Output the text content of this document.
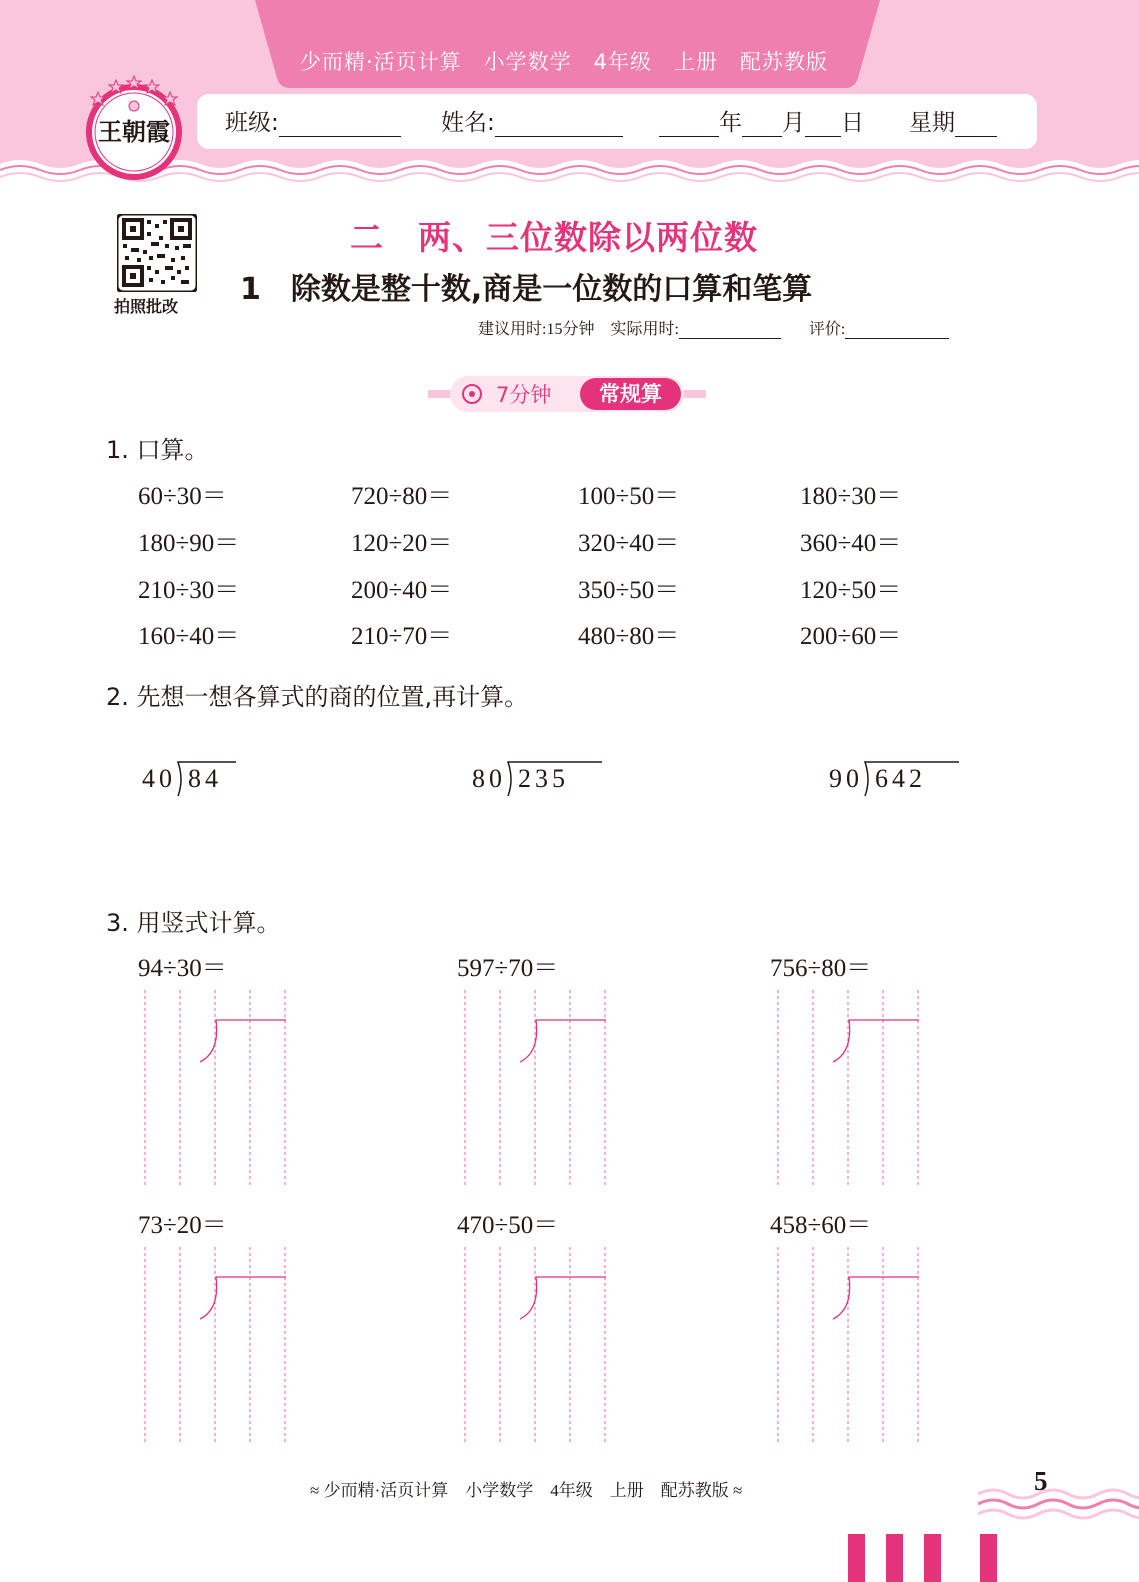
少而精·活页计算　小学数学　4年级　上册　配苏教版
班级:	姓名:	年 月 日 星期
王朝霞
拍照批改
二　两、三位数除以两位数
1　除数是整十数,商是一位数的口算和笔算
建议用时:15分钟 实际用时:	评价:
7分钟	常规算
1. 口算。
60÷30＝	720÷80＝	100÷50＝	180÷30＝
180÷90＝	120÷20＝	320÷40＝	360÷40＝
210÷30＝	200÷40＝	350÷50＝	120÷50＝
160÷40＝	210÷70＝	480÷80＝	200÷60＝
2. 先想一想各算式的商的位置,再计算。
40 84	80 235	90 642
3. 用竖式计算。
94÷30＝	597÷70＝	756÷80＝
73÷20＝	470÷50＝	458÷60＝
≈ 少而精·活页计算　小学数学　4年级　上册　配苏教版 ≈	5
